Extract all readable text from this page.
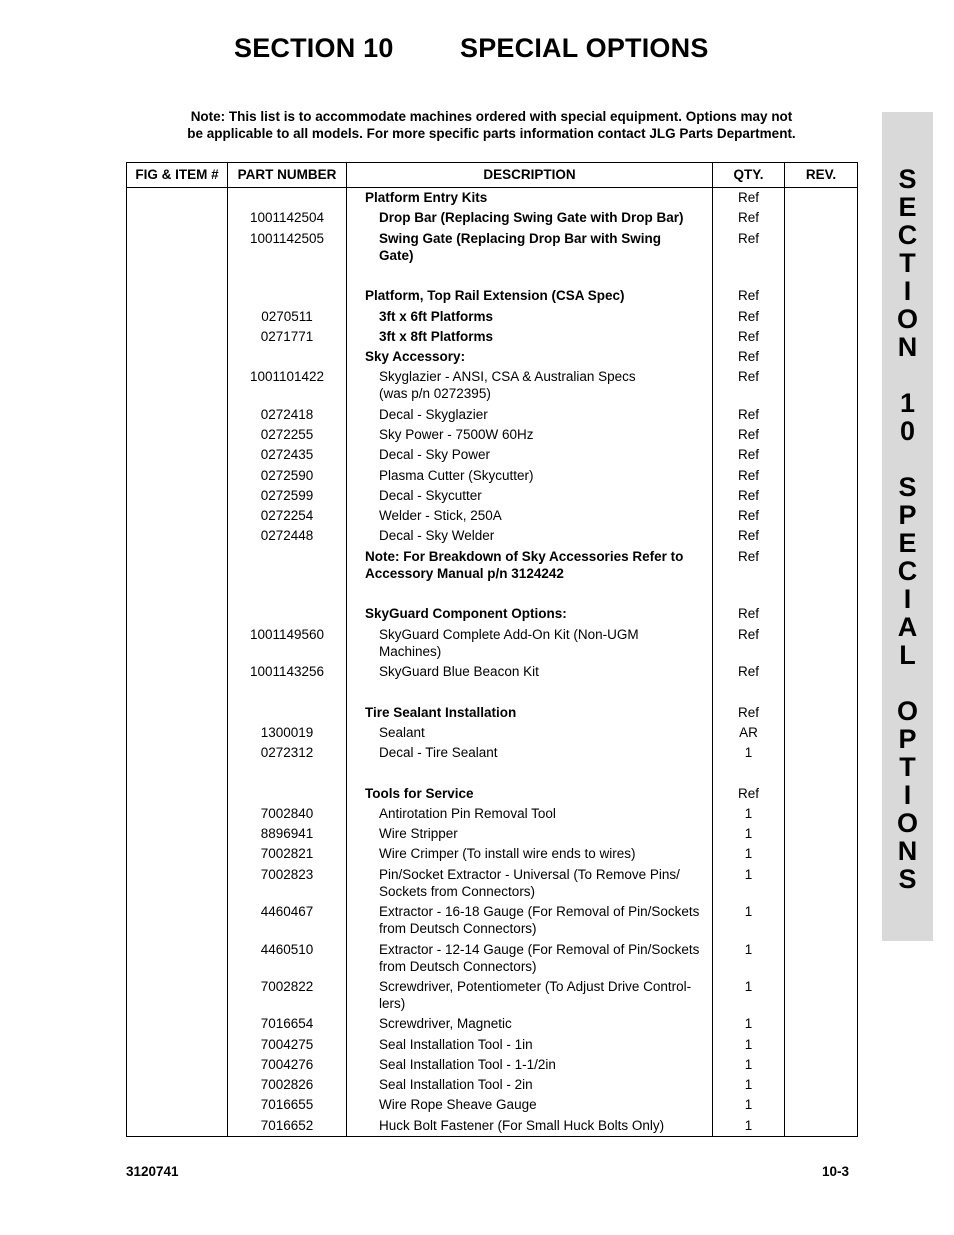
SECTION 10 SPECIAL OPTIONS
Note: This list is to accommodate machines ordered with special equipment. Options may not
be applicable to all models. For more specific parts information contact JLG Parts Department.
S
E
C
T
I
O
N
1
0
S
P
E
C
I
A
L
O
P
T
I
O
N
S
FIG & ITEM #	PART NUMBER	DESCRIPTION	QTY.	REV.
Platform Entry Kits	Ref
1001142504	Drop Bar (Replacing Swing Gate with Drop Bar)	Ref
1001142505	Swing Gate (Replacing Drop Bar with Swing
Gate)
Ref
Platform, Top Rail Extension (CSA Spec)	Ref
0270511	3ft x 6ft Platforms	Ref
0271771	3ft x 8ft Platforms	Ref
Sky Accessory:	Ref
1001101422	Skyglazier - ANSI, CSA & Australian Specs
(was p/n 0272395)
Ref
0272418	Decal - Skyglazier	Ref
0272255	Sky Power - 7500W 60Hz	Ref
0272435	Decal - Sky Power	Ref
0272590	Plasma Cutter (Skycutter)	Ref
0272599	Decal - Skycutter	Ref
0272254	Welder - Stick, 250A	Ref
0272448	Decal - Sky Welder	Ref
Note: For Breakdown of Sky Accessories Refer to
Accessory Manual p/n 3124242
Ref
SkyGuard Component Options:	Ref
1001149560	SkyGuard Complete Add-On Kit (Non-UGM
Machines)
Ref
1001143256	SkyGuard Blue Beacon Kit	Ref
Tire Sealant Installation	Ref
1300019	Sealant	AR
0272312	Decal - Tire Sealant	1
Tools for Service	Ref
7002840	Antirotation Pin Removal Tool	1
8896941	Wire Stripper	1
7002821	Wire Crimper (To install wire ends to wires)	1
7002823	Pin/Socket Extractor - Universal (To Remove Pins/
Sockets from Connectors)
1
4460467	Extractor - 16-18 Gauge (For Removal of Pin/Sockets
from Deutsch Connectors)
1
4460510	Extractor - 12-14 Gauge (For Removal of Pin/Sockets
from Deutsch Connectors)
1
7002822	Screwdriver, Potentiometer (To Adjust Drive Control-
lers)
1
7016654	Screwdriver, Magnetic	1
7004275	Seal Installation Tool - 1in	1
7004276	Seal Installation Tool - 1-1/2in	1
7002826	Seal Installation Tool - 2in	1
7016655	Wire Rope Sheave Gauge	1
7016652	Huck Bolt Fastener (For Small Huck Bolts Only)	1
3120741	10-3
